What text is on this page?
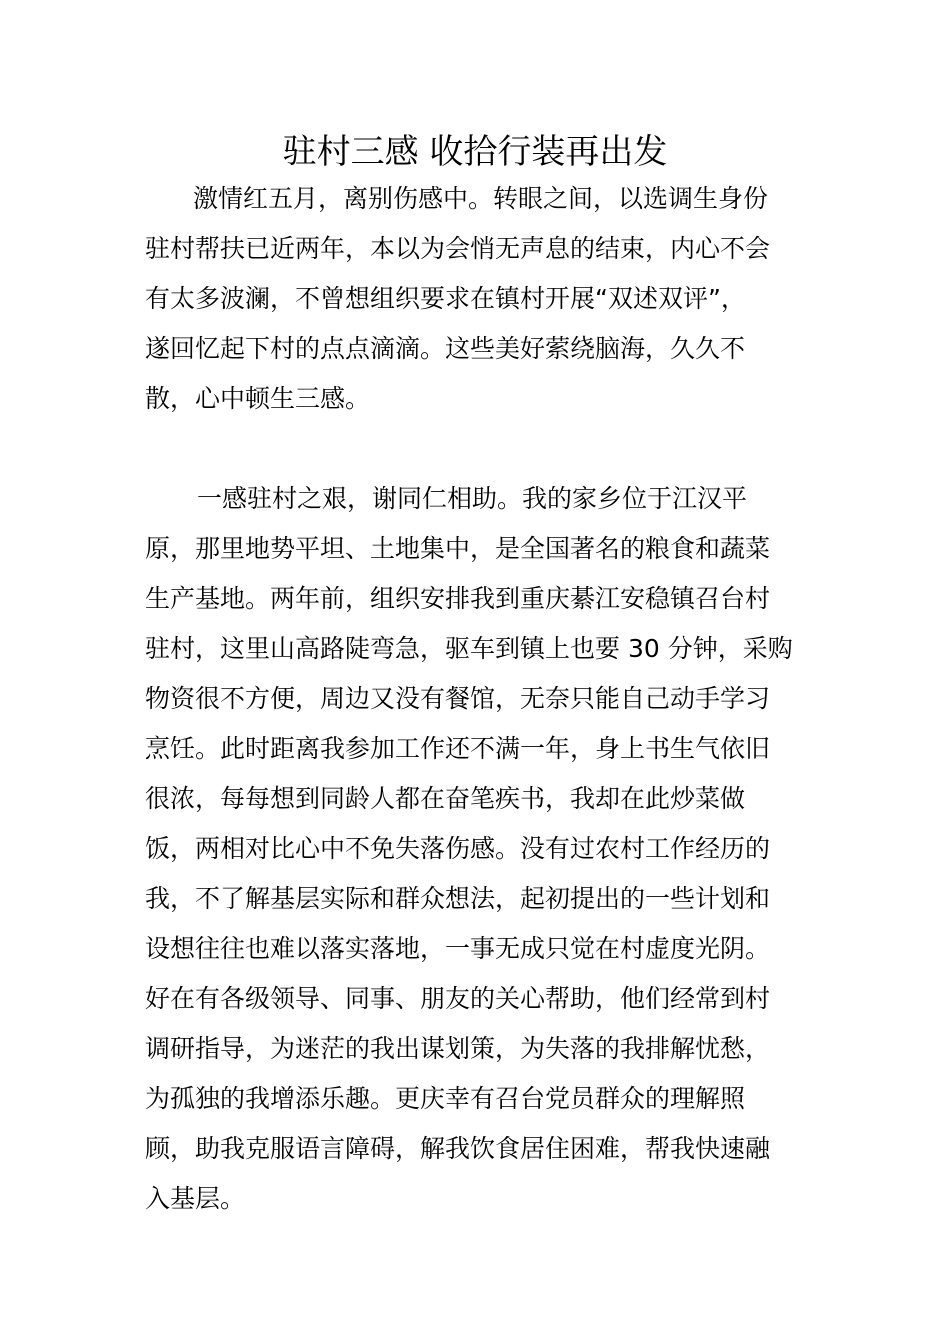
驻村三感 收拾行装再出发

　激情红五月，离别伤感中。转眼之间，以选调生身份

驻村帮扶已近两年，本以为会悄无声息的结束，内心不会

有太多波澜，不曾想组织要求在镇村开展“双述双评”，

遂回忆起下村的点点滴滴。这些美好萦绕脑海，久久不

散，心中顿生三感。

　一感驻村之艰，谢同仁相助。我的家乡位于江汉平

原，那里地势平坦、土地集中，是全国著名的粮食和蔬菜

生产基地。两年前，组织安排我到重庆綦江安稳镇召台村

驻村，这里山高路陡弯急，驱车到镇上也要 30 分钟，采购

物资很不方便，周边又没有餐馆，无奈只能自己动手学习

烹饪。此时距离我参加工作还不满一年，身上书生气依旧

很浓，每每想到同龄人都在奋笔疾书，我却在此炒菜做

饭，两相对比心中不免失落伤感。没有过农村工作经历的

我，不了解基层实际和群众想法，起初提出的一些计划和

设想往往也难以落实落地，一事无成只觉在村虚度光阴。

好在有各级领导、同事、朋友的关心帮助，他们经常到村

调研指导，为迷茫的我出谋划策，为失落的我排解忧愁，

为孤独的我增添乐趣。更庆幸有召台党员群众的理解照

顾，助我克服语言障碍，解我饮食居住困难，帮我快速融

入基层。
